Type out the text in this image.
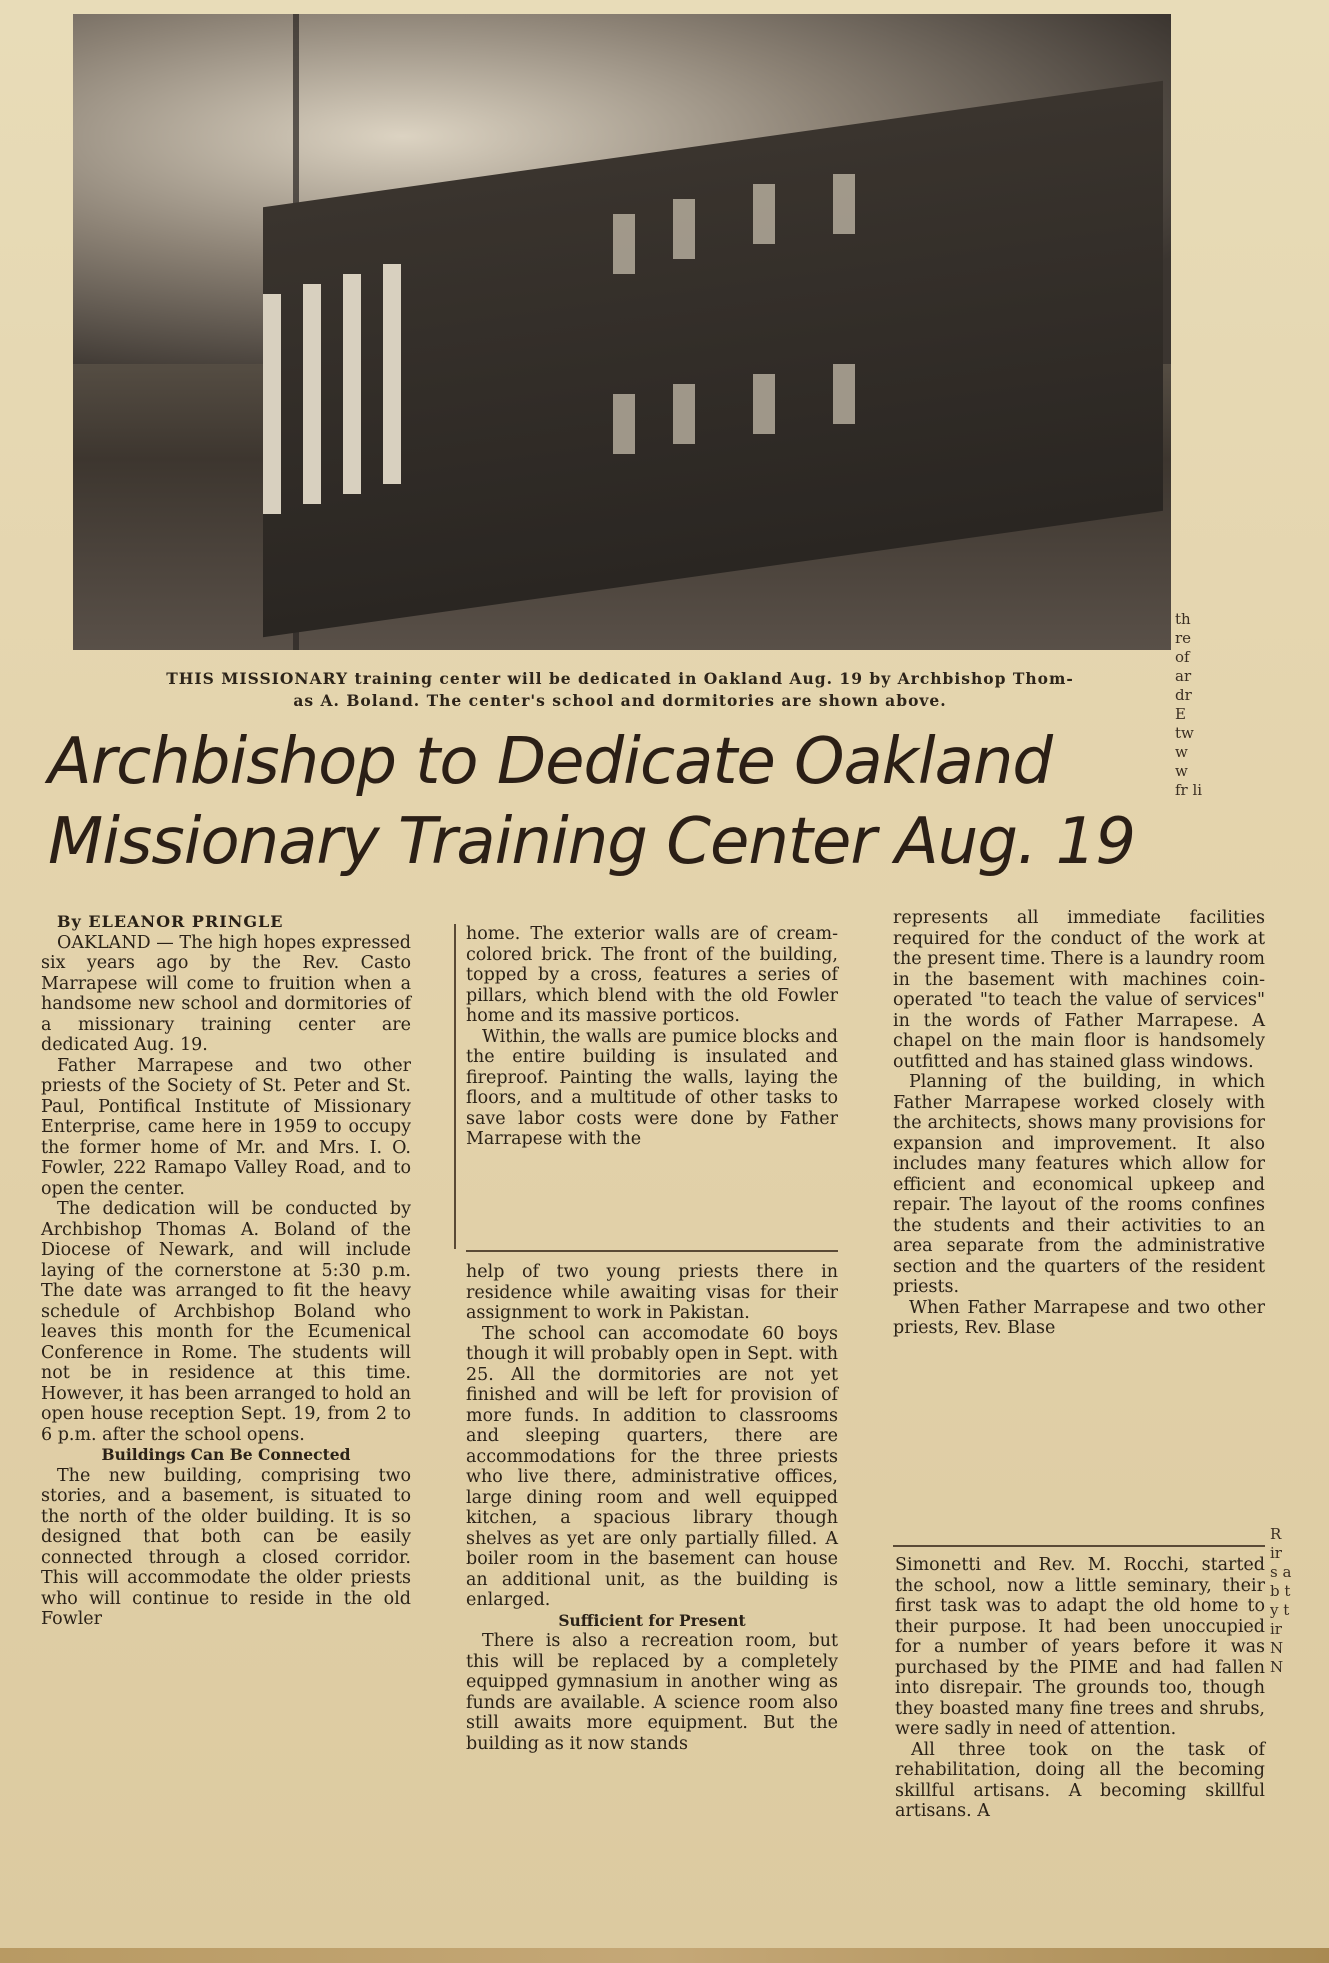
THIS MISSIONARY training center will be dedicated in Oakland Aug. 19 by Archbishop Thom-
as A. Boland. The center's school and dormitories are shown above.
Archbishop to Dedicate Oakland
Missionary Training Center Aug. 19

By ELEANOR PRINGLE

OAKLAND — The high hopes expressed six years ago by the Rev. Casto Marrapese will come to fruition when a handsome new school and dormitories of a missionary training center are dedicated Aug. 19.

Father Marrapese and two other priests of the Society of St. Peter and St. Paul, Pontifical Institute of Missionary Enterprise, came here in 1959 to occupy the former home of Mr. and Mrs. I. O. Fowler, 222 Ramapo Valley Road, and to open the center.

The dedication will be conducted by Archbishop Thomas A. Boland of the Diocese of Newark, and will include laying of the cornerstone at 5:30 p.m. The date was arranged to fit the heavy schedule of Archbishop Boland who leaves this month for the Ecumenical Conference in Rome. The students will not be in residence at this time. However, it has been arranged to hold an open house reception Sept. 19, from 2 to 6 p.m. after the school opens.

Buildings Can Be Connected

The new building, comprising two stories, and a basement, is situated to the north of the older building. It is so designed that both can be easily connected through a closed corridor. This will accommodate the older priests who will continue to reside in the old Fowler

home. The exterior walls are of cream-colored brick. The front of the building, topped by a cross, features a series of pillars, which blend with the old Fowler home and its massive porticos.

Within, the walls are pumice blocks and the entire building is insulated and fireproof. Painting the walls, laying the floors, and a multitude of other tasks to save labor costs were done by Father Marrapese with the

help of two young priests there in residence while awaiting visas for their assignment to work in Pakistan.

The school can accomodate 60 boys though it will probably open in Sept. with 25. All the dormitories are not yet finished and will be left for provision of more funds. In addition to classrooms and sleeping quarters, there are accommodations for the three priests who live there, administrative offices, large dining room and well equipped kitchen, a spacious library though shelves as yet are only partially filled. A boiler room in the basement can house an additional unit, as the building is enlarged.

Sufficient for Present

There is also a recreation room, but this will be replaced by a completely equipped gymnasium in another wing as funds are available. A science room also still awaits more equipment. But the building as it now stands

represents all immediate facilities required for the conduct of the work at the present time. There is a laundry room in the basement with machines coin-operated "to teach the value of services" in the words of Father Marrapese. A chapel on the main floor is handsomely outfitted and has stained glass windows.

Planning of the building, in which Father Marrapese worked closely with the architects, shows many provisions for expansion and improvement. It also includes many features which allow for efficient and economical upkeep and repair. The layout of the rooms confines the students and their activities to an area separate from the administrative section and the quarters of the resident priests.

When Father Marrapese and two other priests, Rev. Blase

Simonetti and Rev. M. Rocchi, started the school, now a little seminary, their first task was to adapt the old home to their purpose. It had been unoccupied for a number of years before it was purchased by the PIME and had fallen into disrepair. The grounds too, though they boasted many fine trees and shrubs, were sadly in need of attention.

All three took on the task of rehabilitation, doing all the becoming skillful artisans. A becoming skillful artisans. A

th re of ar dr E tw w w fr li
R ir s a b t y t ir N N
